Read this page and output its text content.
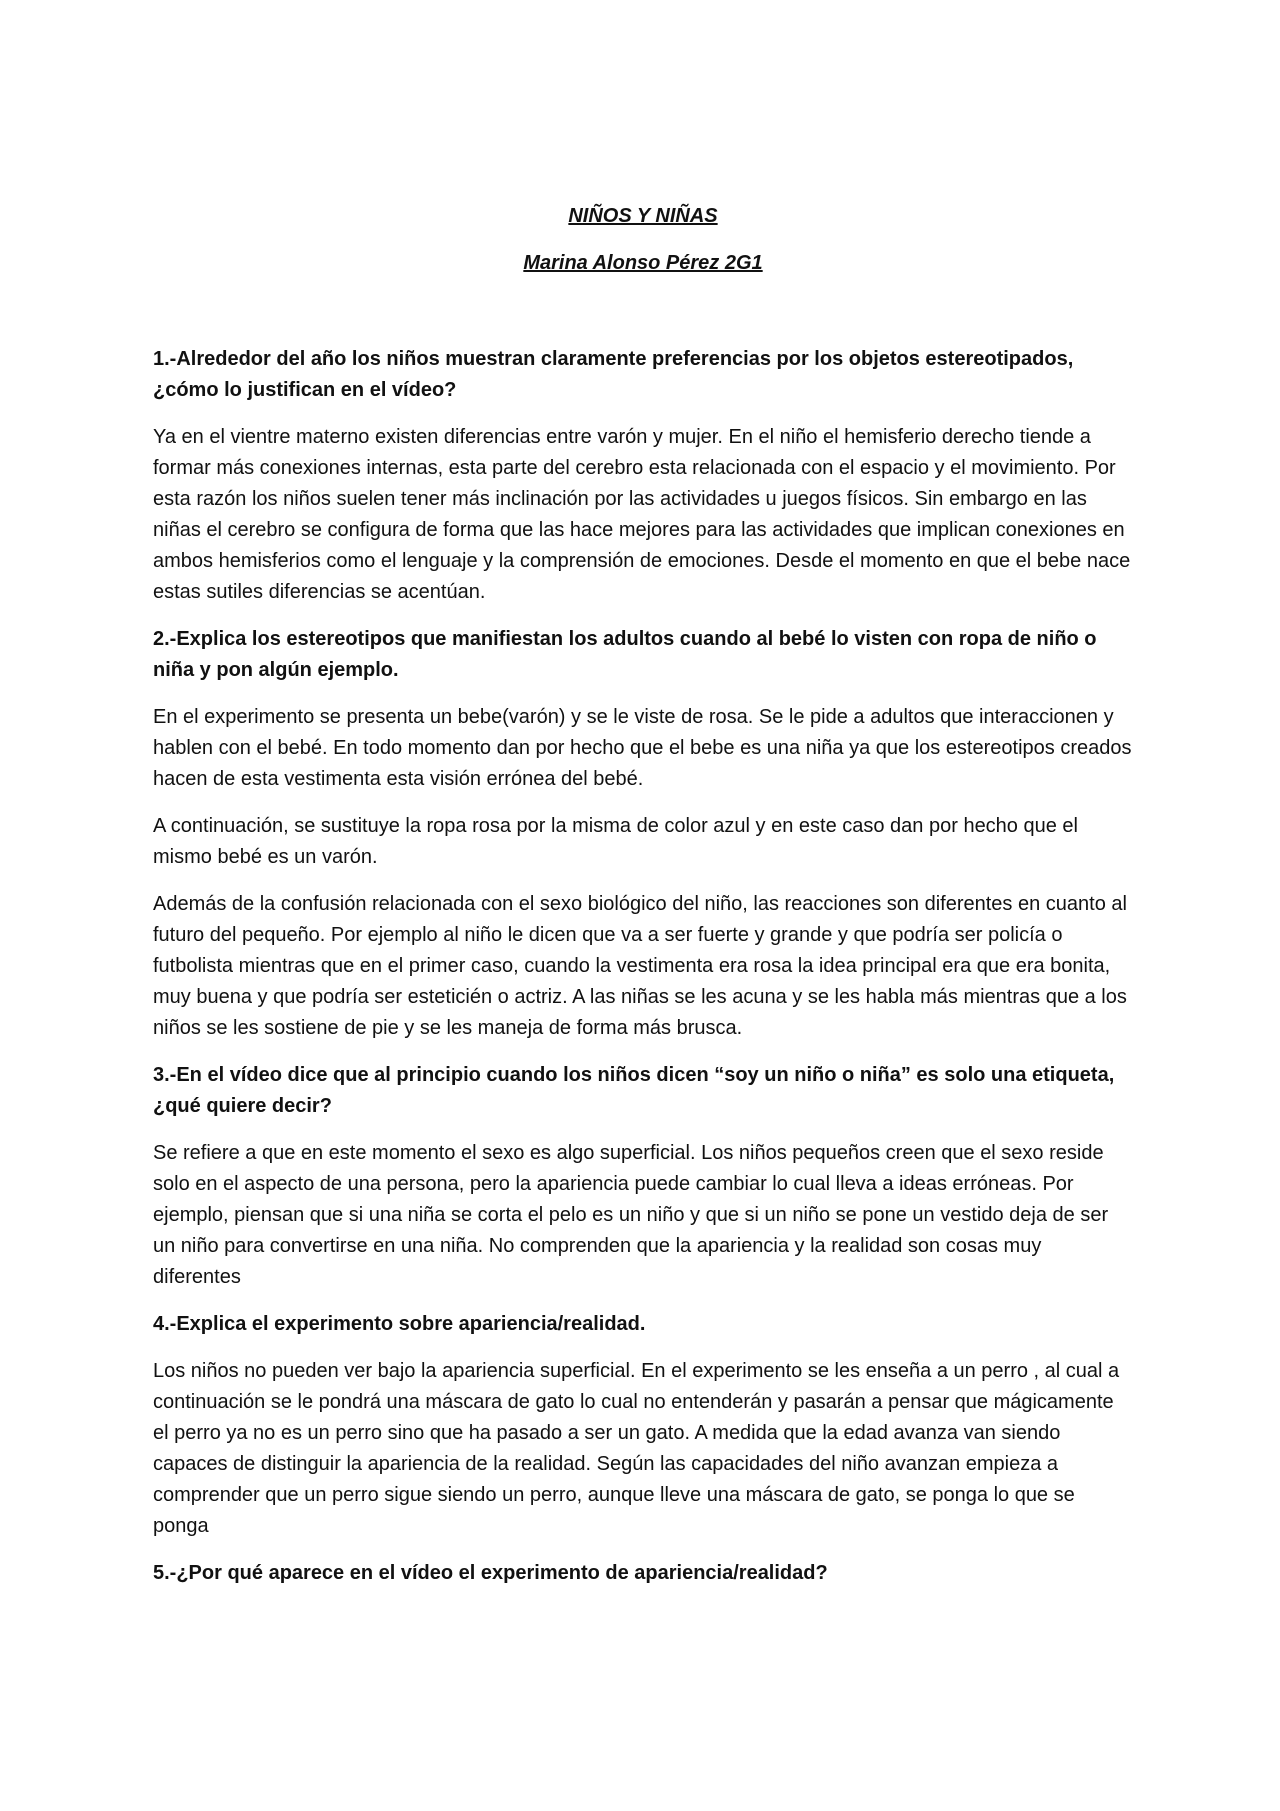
NIÑOS Y NIÑAS
Marina Alonso Pérez 2G1
1.-Alrededor del año los niños muestran claramente preferencias por los objetos estereotipados, ¿cómo lo justifican en el vídeo?
Ya en el vientre materno existen diferencias entre varón y mujer. En el niño el hemisferio derecho tiende a formar más conexiones internas, esta parte del cerebro esta relacionada con el espacio y el movimiento. Por esta razón los niños suelen tener más inclinación por las actividades u juegos físicos. Sin embargo en las niñas el cerebro se configura de forma que las hace mejores para las actividades que implican conexiones en ambos hemisferios como el lenguaje y la comprensión de emociones. Desde el momento en que el bebe nace estas sutiles diferencias se acentúan.
2.-Explica los estereotipos que manifiestan los adultos cuando al bebé lo visten con ropa de niño o niña y pon algún ejemplo.
En el experimento se presenta un bebe(varón) y se le viste de rosa. Se le pide a adultos que interaccionen y hablen con el bebé. En todo momento dan por hecho que el bebe es una niña ya que los estereotipos creados hacen de esta vestimenta esta visión errónea del bebé.
A continuación, se sustituye la ropa rosa por la misma de color azul y en este caso dan por hecho que el mismo bebé es un varón.
Además de la confusión relacionada con el sexo biológico del niño, las reacciones son diferentes en cuanto al futuro del pequeño. Por ejemplo al niño le dicen que va a ser fuerte y grande y que podría ser policía o futbolista mientras que en el primer caso, cuando la vestimenta era rosa la idea principal era que era bonita, muy buena y que podría ser esteticién o actriz. A las niñas se les acuna y se les habla más mientras que a los niños se les sostiene de pie y se les maneja de forma más brusca.
3.-En el vídeo dice que al principio cuando los niños dicen “soy un niño o niña” es solo una etiqueta, ¿qué quiere decir?
Se refiere a que en este momento el sexo es algo superficial. Los niños pequeños creen que el sexo reside solo en el aspecto de una persona, pero la apariencia puede cambiar lo cual lleva a ideas erróneas. Por ejemplo, piensan que si una niña se corta el pelo es un niño y que si un niño se pone un vestido deja de ser un niño para convertirse en una niña. No comprenden que la apariencia y la realidad son cosas muy diferentes
4.-Explica el experimento sobre apariencia/realidad.
Los niños no pueden ver bajo la apariencia superficial. En el experimento se les enseña a un perro , al cual a continuación se le pondrá una máscara de gato lo cual no entenderán y pasarán a pensar que mágicamente el perro ya no es un perro sino que ha pasado a ser un gato. A medida que la edad avanza van siendo capaces de distinguir la apariencia de la realidad. Según las capacidades del niño avanzan empieza a comprender que un perro sigue siendo un perro, aunque lleve una máscara de gato, se ponga lo que se ponga
5.-¿Por qué aparece en el vídeo el experimento de apariencia/realidad?
